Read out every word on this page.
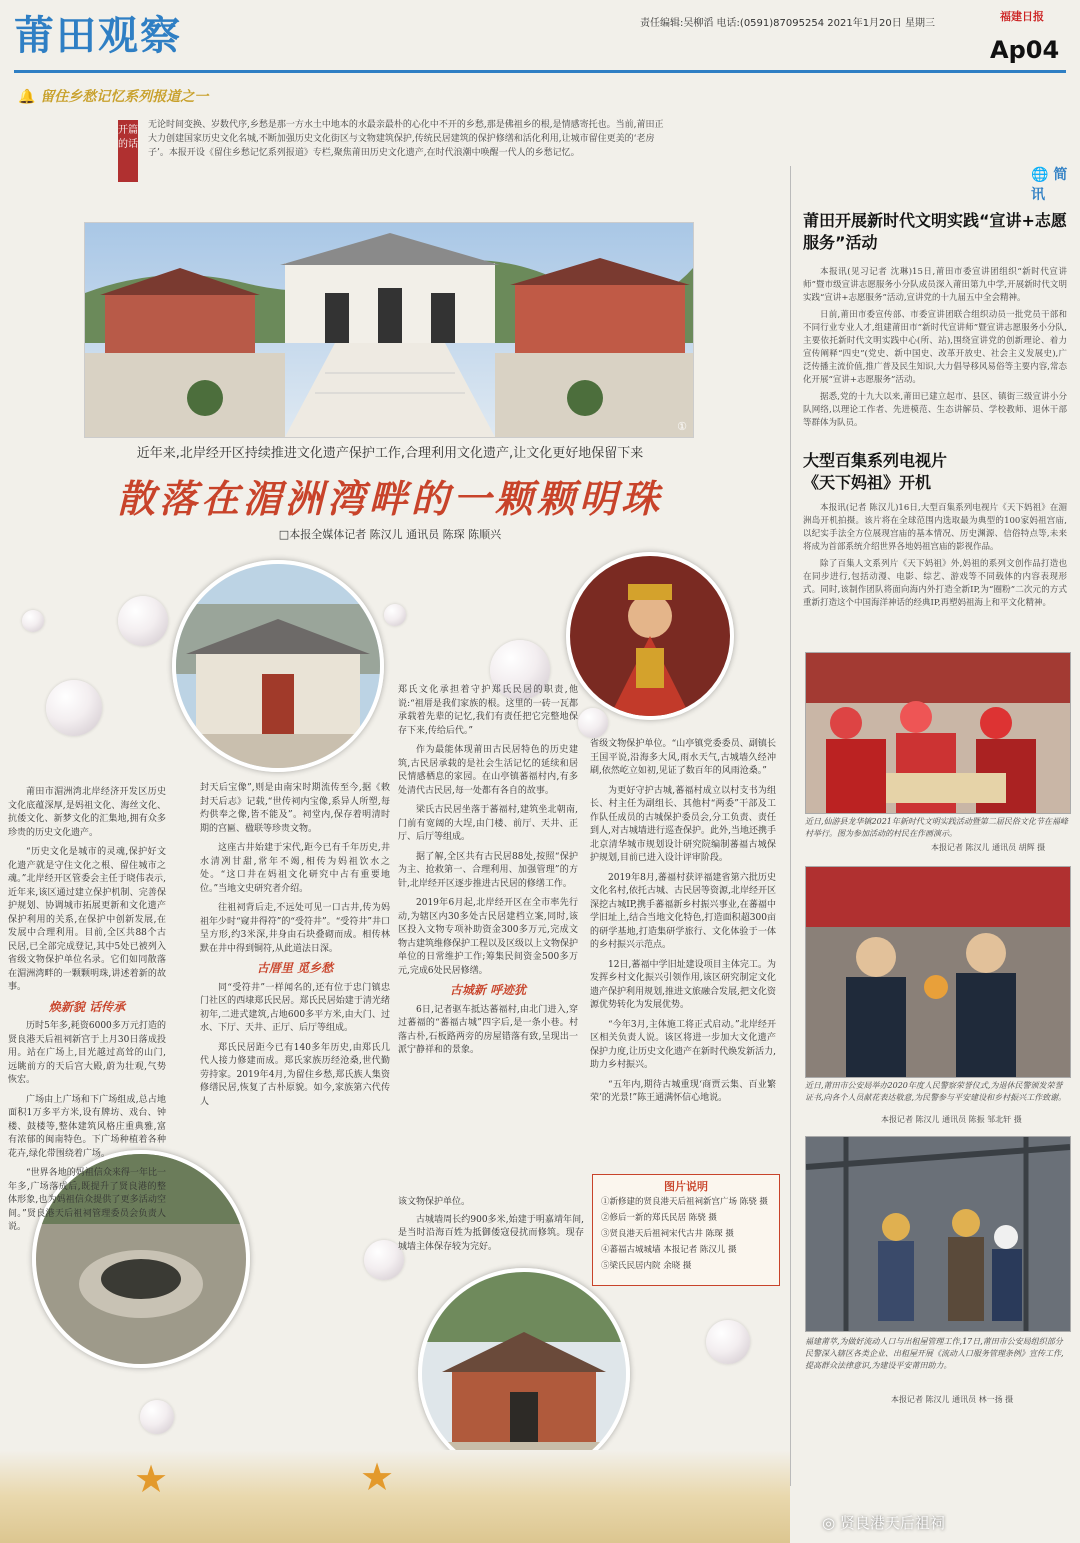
莆田观察	责任编辑:吴柳滔 电话:(0591)87095254 2021年1月20日 星期三
福建日报
Ap04
🔔 留住乡愁记忆系列报道之一
开篇的话
无论时间变换、岁数代序,乡愁是那一方水土中地本的水最亲最朴的心化中不开的乡愁,那是佛祖乡的根,是情感寄托也。当前,莆田正大力创建国家历史文化名城,不断加强历史文化街区与文物建筑保护,传统民居建筑的保护修缮和活化利用,让城市留住更美的‘老房子’。本报开设《留住乡愁记忆系列报道》专栏,聚焦莆田历史文化遗产,在时代浪潮中唤醒一代人的乡愁记忆。
①
近年来,北岸经开区持续推进文化遗产保护工作,合理利用文化遗产,让文化更好地保留下来
散落在湄洲湾畔的一颗颗明珠
□本报全媒体记者 陈汉儿 通讯员 陈琛 陈顺兴

莆田市湄洲湾北岸经济开发区历史文化底蕴深厚,是妈祖文化、海丝文化、抗倭文化、新梦文化的汇集地,拥有众多珍贵的历史文化遗产。

“历史文化是城市的灵魂,保护好文化遗产就是守住文化之根、留住城市之魂。”北岸经开区管委会主任于晓伟表示,近年来,该区通过建立保护机制、完善保护规划、协调城市拓展更新和文化遗产保护利用的关系,在保护中创新发展,在发展中合理利用。目前,全区共88个古民居,已全部完成登记,其中5处已被列入省级文物保护单位名录。它们如同散落在湄洲湾畔的一颗颗明珠,讲述着新的故事。

焕新貌 话传承

历时5年多,耗资6000多万元打造的贤良港天后祖祠新宫于上月30日落成投用。站在广场上,目光越过高耸的山门,远眺前方的天后宫大殿,蔚为壮观,气势恢宏。

广场由上广场和下广场组成,总占地面积1万多平方米,设有牌坊、戏台、钟楼、鼓楼等,整体建筑风格庄重典雅,富有浓郁的闽南特色。下广场种植着各种花卉,绿化带围绕着广场。

“世界各地的妈祖信众来得一年比一年多,广场落成后,既提升了贤良港的整体形象,也为妈祖信众提供了更多活动空间。”贤良港天后祖祠管理委员会负责人说。

封天后宝像”,则是由南宋时期流传至今,据《敕封天后志》记载,“世传祠内宝像,系异人所塑,每灼供奉之像,皆不能及”。祠堂内,保存着明清时期的宫匾、楹联等珍贵文物。

这座古井始建于宋代,距今已有千年历史,井水清冽甘甜,常年不竭,相传为妈祖饮水之处。“这口井在妈祖文化研究中占有重要地位。”当地文史研究者介绍。

往祖祠背后走,不远处可见一口古井,传为妈祖年少时“窥井得符”的“受符井”。“受符井”井口呈方形,约3米深,井身由石块叠砌而成。相传林默在井中得到铜符,从此道法日深。

古厝里 觅乡愁

同“受符井”一样闻名的,还有位于忠门镇忠门社区的西埭郑氏民居。郑氏民居始建于清光绪初年,二进式建筑,占地600多平方米,由大门、过水、下厅、天井、正厅、后厅等组成。

郑氏民居距今已有140多年历史,由郑氏几代人接力修建而成。郑氏家族历经沧桑,世代勤劳持家。2019年4月,为留住乡愁,郑氏族人集资修缮民居,恢复了古朴原貌。如今,家族第六代传人

郑氏文化承担着守护郑氏民居的职责,他说:“祖厝是我们家族的根。这里的一砖一瓦都承载着先辈的记忆,我们有责任把它完整地保存下来,传给后代。”

作为最能体现莆田古民居特色的历史建筑,古民居承载的是社会生活记忆的延续和居民情感栖息的家园。在山亭镇蕃福村内,有多处清代古民居,每一处都有各自的故事。

梁氏古民居坐落于蕃福村,建筑坐北朝南,门前有宽阔的大埕,由门楼、前厅、天井、正厅、后厅等组成。

据了解,全区共有古民居88处,按照“保护为主、抢救第一、合理利用、加强管理”的方针,北岸经开区逐步推进古民居的修缮工作。

2019年6月起,北岸经开区在全市率先行动,为辖区内30多处古民居建档立案,同时,该区投入文物专项补助资金300多万元,完成文物古建筑维修保护工程以及区级以上文物保护单位的日常维护工作;筹集民间资金500多万元,完成6处民居修缮。

古城新 呼迹犹

6日,记者驱车抵达蕃福村,由北门进入,穿过蕃福的“蕃福古城”四字后,是一条小巷。村落古朴,石板路两旁的房屋错落有致,呈现出一派宁静祥和的景象。

省级文物保护单位。“山亭镇党委委员、副镇长王国平说,沿海多大风,雨水天气,古城墙久经冲刷,依然屹立如初,见证了数百年的风雨沧桑。”

为更好守护古城,蕃福村成立以村支书为组长、村主任为副组长、其他村“两委”干部及工作队任成员的古城保护委员会,分工负责、责任到人,对古城墙进行巡查保护。此外,当地还携手北京清华城市规划设计研究院编制蕃福古城保护规划,目前已进入设计评审阶段。

2019年8月,蕃福村获评福建省第六批历史文化名村,依托古城、古民居等资源,北岸经开区深挖古城IP,携手蕃福新乡村振兴事业,在蕃福中学旧址上,结合当地文化特色,打造面积超300亩的研学基地,打造集研学旅行、文化体验于一体的乡村振兴示范点。

12日,蕃福中学旧址建设项目主体完工。为发挥乡村文化振兴引领作用,该区研究制定文化遗产保护利用规划,推进文旅融合发展,把文化资源优势转化为发展优势。

“今年3月,主体施工将正式启动。”北岸经开区相关负责人说。该区将进一步加大文化遗产保护力度,让历史文化遗产在新时代焕发新活力,助力乡村振兴。

“五年内,期待古城重现‘商贾云集、百业繁荣’的光景!”陈王通满怀信心地说。

该文物保护单位。

古城墙周长约900多米,始建于明嘉靖年间,是当时沿海百姓为抵御倭寇侵扰而修筑。现存城墙主体保存较为完好。

图片说明
①新修建的贤良港天后祖祠新宫广场 陈骁 摄
②修后一新的郑氏民居 陈骁 摄
③贤良港天后祖祠宋代古井 陈琛 摄
④蕃福古城城墙 本报记者 陈汉儿 摄
⑤梁氏民居内院 余晓 摄
★	★
🌐 简讯
莆田开展新时代文明实践“宣讲+志愿服务”活动

本报讯(见习记者 沈琳)15日,莆田市委宣讲团组织“新时代宣讲师”暨市级宣讲志愿服务小分队成员深入莆田第九中学,开展新时代文明实践“宣讲+志愿服务”活动,宣讲党的十九届五中全会精神。

日前,莆田市委宣传部、市委宣讲团联合组织动员一批党员干部和不同行业专业人才,组建莆田市“新时代宣讲师”暨宣讲志愿服务小分队,主要依托新时代文明实践中心(所、站),围绕宣讲党的创新理论、着力宣传阐释“四史”(党史、新中国史、改革开放史、社会主义发展史),广泛传播主流价值,推广普及民生知识,大力倡导移风易俗等主要内容,常态化开展“宣讲+志愿服务”活动。

据悉,党的十九大以来,莆田已建立起市、县区、镇街三级宣讲小分队网络,以理论工作者、先进模范、生态讲解员、学校教师、退休干部等群体为队员。

大型百集系列电视片
《天下妈祖》开机

本报讯(记者 陈汉儿)16日,大型百集系列电视片《天下妈祖》在湄洲岛开机拍摄。该片将在全球范围内选取最为典型的100家妈祖宫庙,以纪实手法全方位展现宫庙的基本情况、历史渊源、信俗特点等,未来将成为首部系统介绍世界各地妈祖宫庙的影视作品。

除了百集人文系列片《天下妈祖》外,妈祖的系列文创作品打造也在同步进行,包括动漫、电影、综艺、游戏等不同载体的内容表现形式。同时,该制作团队将面向海内外打造全新IP,为“圈粉”二次元的方式重新打造这个中国海洋神话的经典IP,再塑妈祖海上和平文化精神。

近日,仙游县龙华镇2021年新时代文明实践活动暨第二届民俗文化节在福峰村举行。图为参加活动的村民在作画演示。
本报记者 陈汉儿 通讯员 胡辉 摄
近日,莆田市公安局举办2020年度人民警察荣誉仪式,为退休民警颁发荣誉证书,向各个人员献花表达敬意,为民警参与平安建设和乡村振兴工作致谢。
本报记者 陈汉儿 通讯员 陈振 邹北轩 摄
福建莆萃,为做好流动人口与出租屋管理工作,17日,莆田市公安局组织部分民警深入辖区各类企业、出租屋开展《流动人口服务管理条例》宣传工作,提高群众法律意识,为建设平安莆田助力。
本报记者 陈汉儿 通讯员 林一扬 摄
◎ 贤良港天后祖祠
